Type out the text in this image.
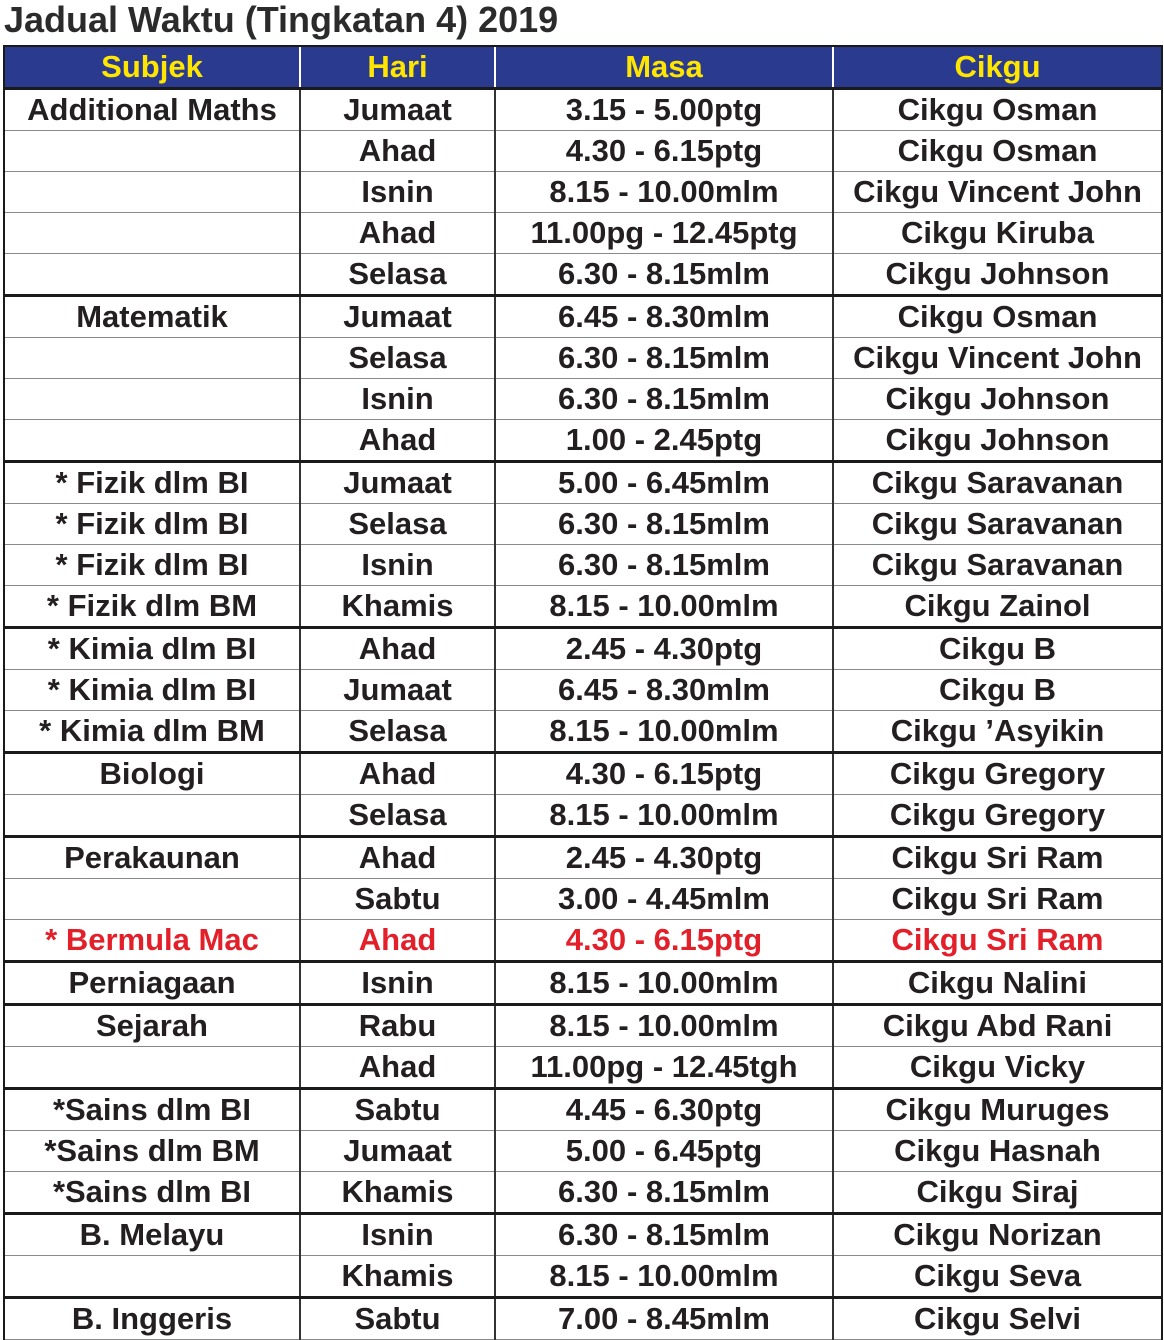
Jadual Waktu (Tingkatan 4) 2019
Subjek	Hari	Masa	Cikgu
Additional Maths	Jumaat	3.15 - 5.00ptg	Cikgu Osman
	Ahad	4.30 - 6.15ptg	Cikgu Osman
	Isnin	8.15 - 10.00mlm	Cikgu Vincent John
	Ahad	11.00pg - 12.45ptg	Cikgu Kiruba
	Selasa	6.30 - 8.15mlm	Cikgu Johnson
Matematik	Jumaat	6.45 - 8.30mlm	Cikgu Osman
	Selasa	6.30 - 8.15mlm	Cikgu Vincent John
	Isnin	6.30 - 8.15mlm	Cikgu Johnson
	Ahad	1.00 - 2.45ptg	Cikgu Johnson
* Fizik dlm BI	Jumaat	5.00 - 6.45mlm	Cikgu Saravanan
* Fizik dlm BI	Selasa	6.30 - 8.15mlm	Cikgu Saravanan
* Fizik dlm BI	Isnin	6.30 - 8.15mlm	Cikgu Saravanan
* Fizik dlm BM	Khamis	8.15 - 10.00mlm	Cikgu Zainol
* Kimia dlm BI	Ahad	2.45 - 4.30ptg	Cikgu B
* Kimia dlm BI	Jumaat	6.45 - 8.30mlm	Cikgu B
* Kimia dlm BM	Selasa	8.15 - 10.00mlm	Cikgu ’Asyikin
Biologi	Ahad	4.30 - 6.15ptg	Cikgu Gregory
	Selasa	8.15 - 10.00mlm	Cikgu Gregory
Perakaunan	Ahad	2.45 - 4.30ptg	Cikgu Sri Ram
	Sabtu	3.00 - 4.45mlm	Cikgu Sri Ram
* Bermula Mac	Ahad	4.30 - 6.15ptg	Cikgu Sri Ram
Perniagaan	Isnin	8.15 - 10.00mlm	Cikgu Nalini
Sejarah	Rabu	8.15 - 10.00mlm	Cikgu Abd Rani
	Ahad	11.00pg - 12.45tgh	Cikgu Vicky
*Sains dlm BI	Sabtu	4.45 - 6.30ptg	Cikgu Muruges
*Sains dlm BM	Jumaat	5.00 - 6.45ptg	Cikgu Hasnah
*Sains dlm BI	Khamis	6.30 - 8.15mlm	Cikgu Siraj
B. Melayu	Isnin	6.30 - 8.15mlm	Cikgu Norizan
	Khamis	8.15 - 10.00mlm	Cikgu Seva
B. Inggeris	Sabtu	7.00 - 8.45mlm	Cikgu Selvi
